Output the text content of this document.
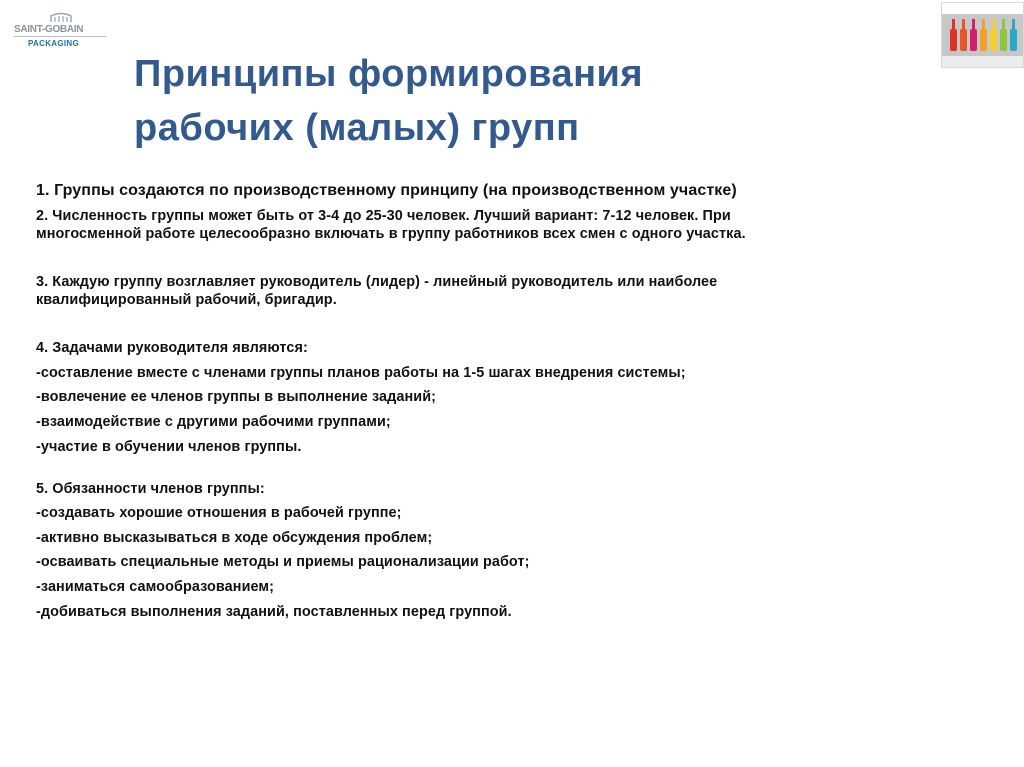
SAINT-GOBAIN
PACKAGING
Принципы формирования
рабочих (малых) групп

1. Группы создаются по производственному принципу (на производственном участке)

2. Численность группы может быть от 3-4 до 25-30 человек. Лучший вариант: 7-12 человек. При

многосменной работе целесообразно включать в группу работников всех смен с одного участка.

3. Каждую группу возглавляет руководитель (лидер) - линейный руководитель или наиболее

квалифицированный рабочий, бригадир.

4. Задачами руководителя являются:

-составление вместе с членами группы планов работы на 1-5 шагах внедрения системы;

-вовлечение ее членов группы в выполнение заданий;

-взаимодействие с другими рабочими группами;

-участие в обучении членов группы.

5. Обязанности членов группы:

-создавать хорошие отношения в рабочей группе;

-активно высказываться в ходе обсуждения проблем;

-осваивать специальные методы и приемы рационализации работ;

-заниматься самообразованием;

-добиваться выполнения заданий, поставленных перед группой.
